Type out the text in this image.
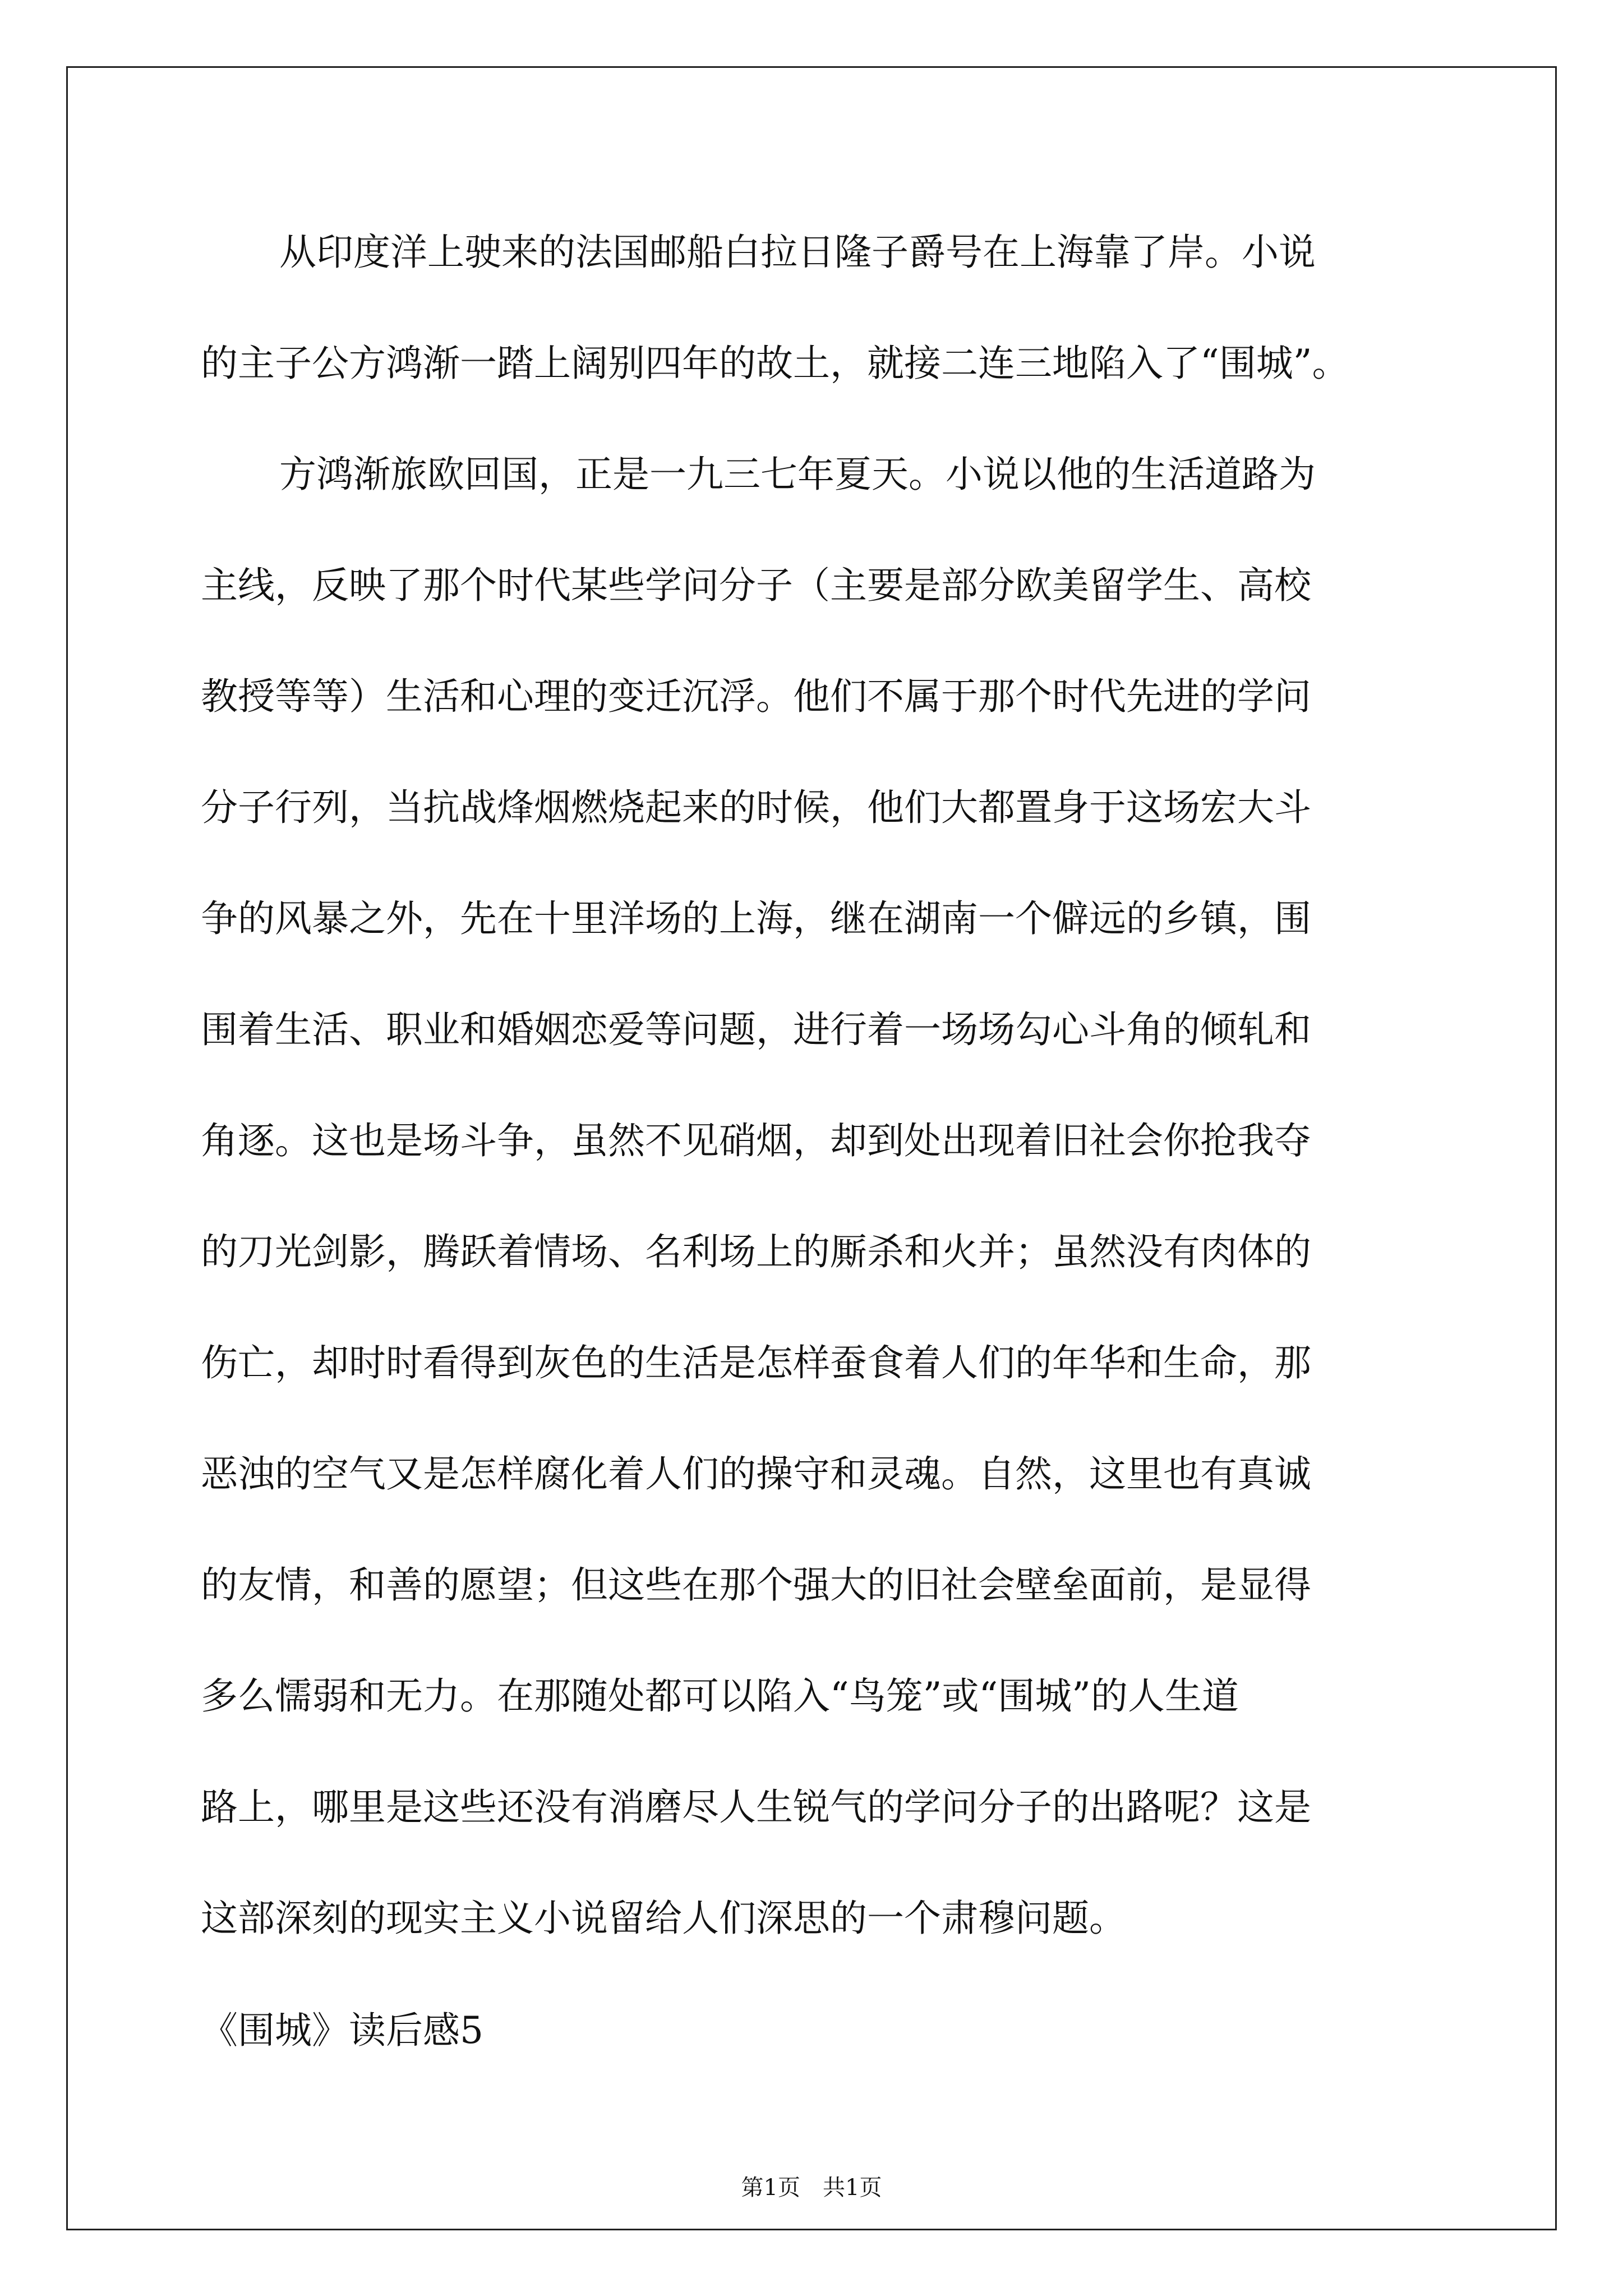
从印度洋上驶来的法国邮船白拉日隆子爵号在上海靠了岸。小说

的主子公方鸿渐一踏上阔别四年的故土，就接二连三地陷入了“围城”。

方鸿渐旅欧回国，正是一九三七年夏天。小说以他的生活道路为

主线，反映了那个时代某些学问分子（主要是部分欧美留学生、高校

教授等等）生活和心理的变迁沉浮。他们不属于那个时代先进的学问

分子行列，当抗战烽烟燃烧起来的时候，他们大都置身于这场宏大斗

争的风暴之外，先在十里洋场的上海，继在湖南一个僻远的乡镇，围

围着生活、职业和婚姻恋爱等问题，进行着一场场勾心斗角的倾轧和

角逐。这也是场斗争，虽然不见硝烟，却到处出现着旧社会你抢我夺

的刀光剑影，腾跃着情场、名利场上的厮杀和火并；虽然没有肉体的

伤亡，却时时看得到灰色的生活是怎样蚕食着人们的年华和生命，那

恶浊的空气又是怎样腐化着人们的操守和灵魂。自然，这里也有真诚

的友情，和善的愿望；但这些在那个强大的旧社会壁垒面前，是显得

多么懦弱和无力。在那随处都可以陷入“鸟笼”或“围城”的人生道

路上，哪里是这些还没有消磨尽人生锐气的学问分子的出路呢？这是

这部深刻的现实主义小说留给人们深思的一个肃穆问题。

《围城》读后感5

第1页　共1页
